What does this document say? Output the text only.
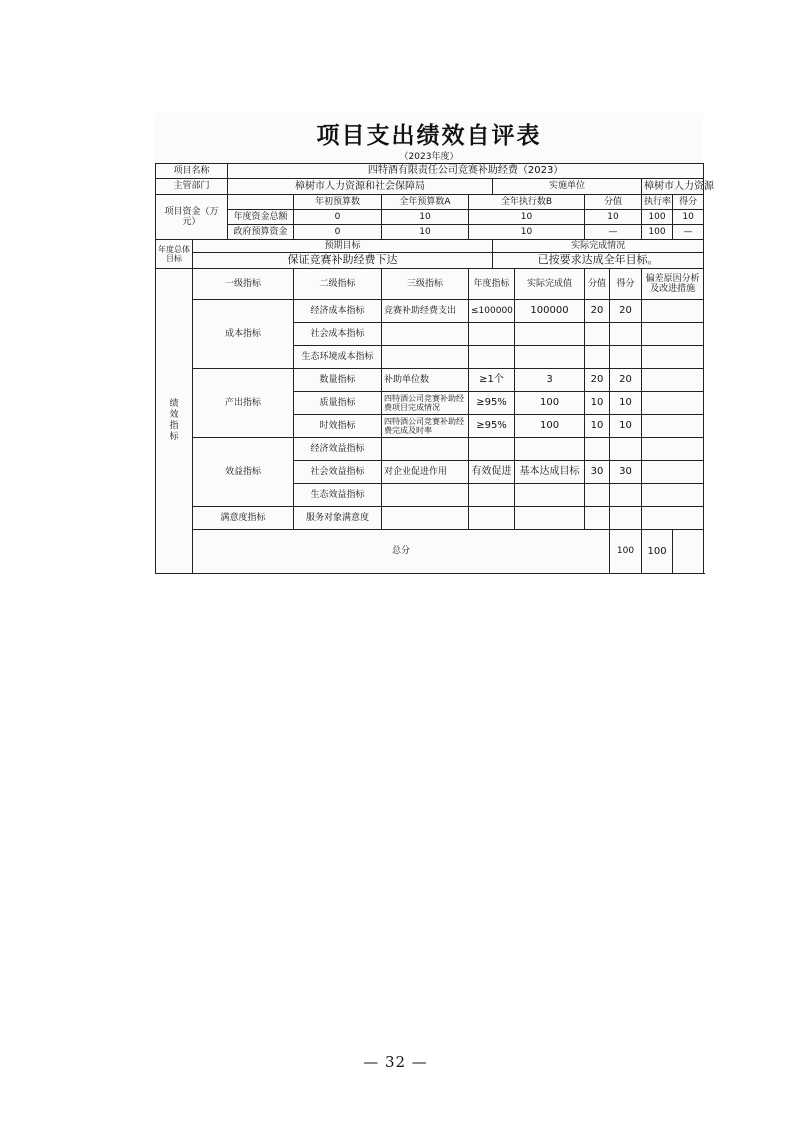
项目支出绩效自评表
（2023年度）
项目名称		四特酒有限责任公司竞赛补助经费（2023）									
主管部门		樟树市人力资源和社会保障局				实施单位				樟树市人力资源	
项目资金（万元）			年初预算数	全年预算数A	全年执行数B			分值		执行率	得分
		年度资金总额	0	10	10			10		100	10
		政府预算资金	0	10	10			—		100	—
年度总体目标	预期目标					实际完成情况					
	保证竞赛补助经费下达					已按要求达成全年目标。					
绩效指标	一级指标		二级指标	三级指标	年度指标		实际完成值	分值	得分	偏差原因分析及改进措施	
	成本指标		经济成本指标	竞赛补助经费支出	≤100000		100000	20	20		
			社会成本指标								
			生态环境成本指标								
	产出指标		数量指标	补助单位数	≥1个		3	20	20		
			质量指标	四特酒公司竞赛补助经费项目完成情况	≥95%		100	10	10		
			时效指标	四特酒公司竞赛补助经费完成及时率	≥95%		100	10	10		
	效益指标		经济效益指标								
			社会效益指标	对企业促进作用	有效促进		基本达成目标	30	30		
			生态效益指标								
	满意度指标		服务对象满意度								
	总分								100	100	
— 32 —
